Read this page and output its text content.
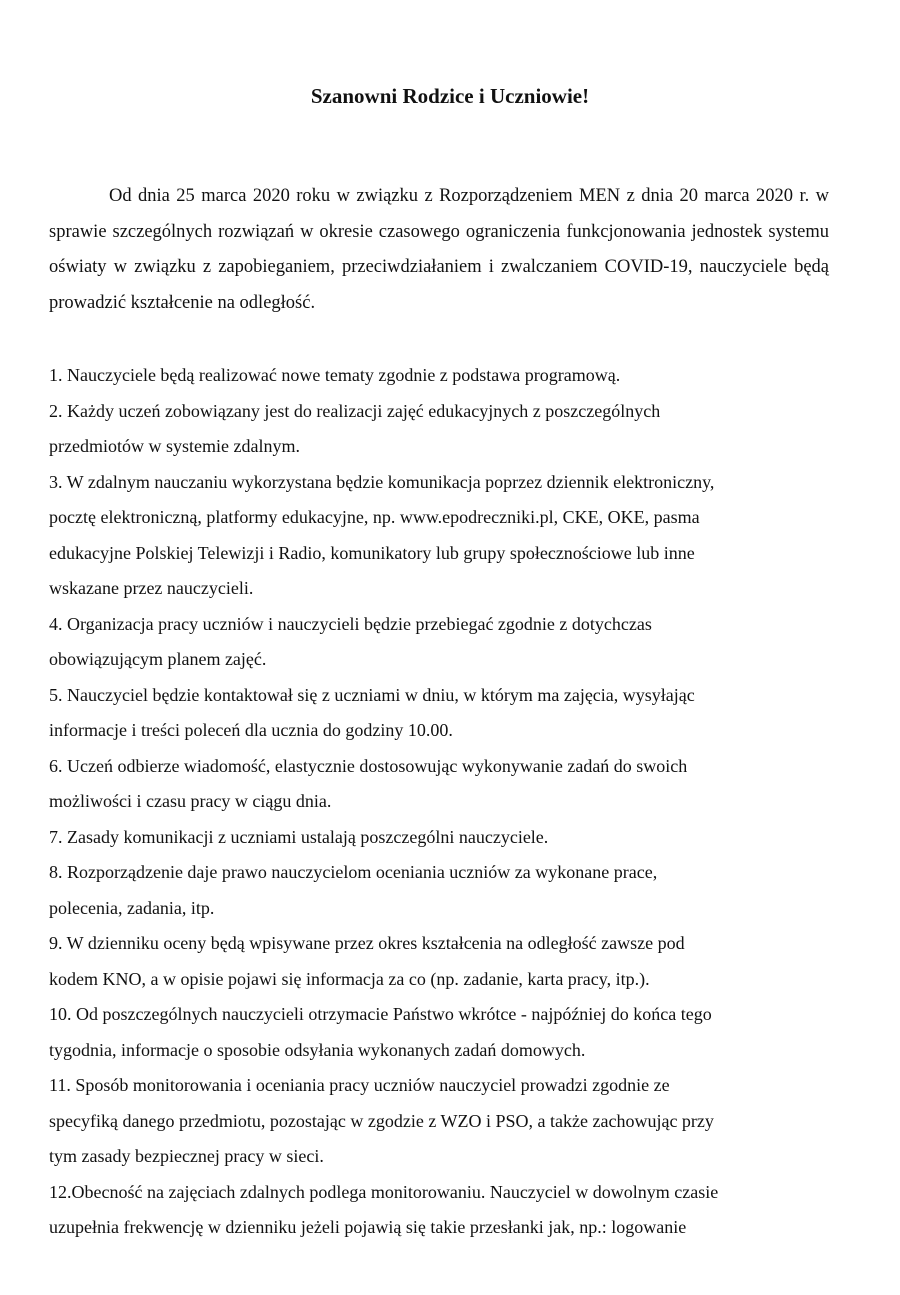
Szanowni Rodzice i Uczniowie!

Od dnia 25 marca 2020 roku w związku z Rozporządzeniem MEN z dnia 20 marca 2020 r. w sprawie szczególnych rozwiązań w okresie czasowego ograniczenia funkcjonowania jednostek systemu oświaty w związku z zapobieganiem, przeciwdziałaniem i zwalczaniem COVID-19, nauczyciele będą prowadzić kształcenie na odległość.

1. Nauczyciele będą realizować nowe tematy zgodnie z podstawa programową.

2. Każdy uczeń zobowiązany jest do realizacji zajęć edukacyjnych z poszczególnych

przedmiotów w systemie zdalnym.

3. W zdalnym nauczaniu wykorzystana będzie komunikacja poprzez dziennik elektroniczny,

pocztę elektroniczną, platformy edukacyjne, np. www.epodreczniki.pl, CKE, OKE, pasma

edukacyjne Polskiej Telewizji i Radio, komunikatory lub grupy społecznościowe lub inne

wskazane przez nauczycieli.

4. Organizacja pracy uczniów i nauczycieli będzie przebiegać zgodnie z dotychczas

obowiązującym planem zajęć.

5. Nauczyciel będzie kontaktował się z uczniami w dniu, w którym ma zajęcia, wysyłając

informacje i treści poleceń dla ucznia do godziny 10.00.

6. Uczeń odbierze wiadomość, elastycznie dostosowując wykonywanie zadań do swoich

możliwości i czasu pracy w ciągu dnia.

7. Zasady komunikacji z uczniami ustalają poszczególni nauczyciele.

8. Rozporządzenie daje prawo nauczycielom oceniania uczniów za wykonane prace,

polecenia, zadania, itp.

9. W dzienniku oceny będą wpisywane przez okres kształcenia na odległość zawsze pod

kodem KNO, a w opisie pojawi się informacja za co (np. zadanie, karta pracy, itp.).

10. Od poszczególnych nauczycieli otrzymacie Państwo wkrótce - najpóźniej do końca tego

tygodnia, informacje o sposobie odsyłania wykonanych zadań domowych.

11. Sposób monitorowania i oceniania pracy uczniów nauczyciel prowadzi zgodnie ze

specyfiką danego przedmiotu, pozostając w zgodzie z WZO i PSO, a także zachowując przy

tym zasady bezpiecznej pracy w sieci.

12.Obecność na zajęciach zdalnych podlega monitorowaniu. Nauczyciel w dowolnym czasie

uzupełnia frekwencję w dzienniku jeżeli pojawią się takie przesłanki jak, np.: logowanie
